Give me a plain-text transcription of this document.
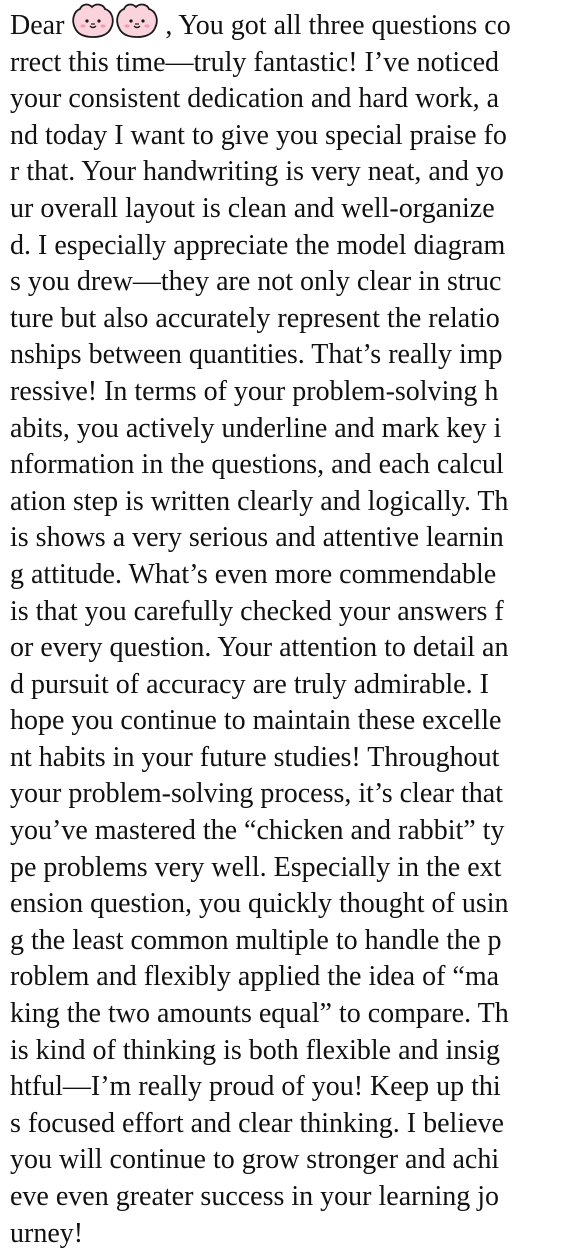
Dear	, You got all three questions co
rrect this time—truly fantastic! I’ve noticed
your consistent dedication and hard work, a
nd today I want to give you special praise fo
r that. Your handwriting is very neat, and yo
ur overall layout is clean and well-organize
d. I especially appreciate the model diagram
s you drew—they are not only clear in struc
ture but also accurately represent the relatio
nships between quantities. That’s really imp
ressive! In terms of your problem-solving h
abits, you actively underline and mark key i
nformation in the questions, and each calcul
ation step is written clearly and logically. Th
is shows a very serious and attentive learnin
g attitude. What’s even more commendable
is that you carefully checked your answers f
or every question. Your attention to detail an
d pursuit of accuracy are truly admirable. I
hope you continue to maintain these excelle
nt habits in your future studies! Throughout
your problem-solving process, it’s clear that
you’ve mastered the “chicken and rabbit” ty
pe problems very well. Especially in the ext
ension question, you quickly thought of usin
g the least common multiple to handle the p
roblem and flexibly applied the idea of “ma
king the two amounts equal” to compare. Th
is kind of thinking is both flexible and insig
htful—I’m really proud of you! Keep up thi
s focused effort and clear thinking. I believe
you will continue to grow stronger and achi
eve even greater success in your learning jo
urney!
